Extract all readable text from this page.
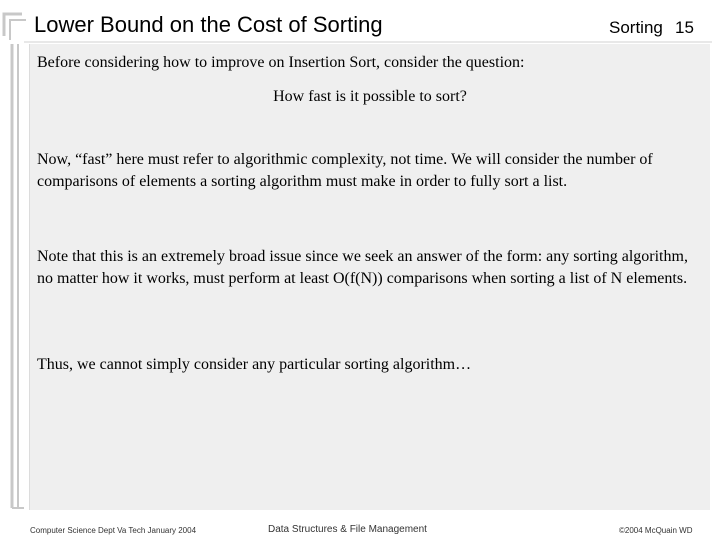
Lower Bound on the Cost of Sorting	Sorting 15
Before considering how to improve on Insertion Sort, consider the question:
How fast is it possible to sort?
Now, “fast” here must refer to algorithmic complexity, not time. We will consider the number of comparisons of elements a sorting algorithm must make in order to fully sort a list.
Note that this is an extremely broad issue since we seek an answer of the form: any sorting algorithm, no matter how it works, must perform at least O(f(N)) comparisons when sorting a list of N elements.
Thus, we cannot simply consider any particular sorting algorithm…
Computer Science Dept Va Tech January 2004	Data Structures & File Management	©2004 McQuain WD
